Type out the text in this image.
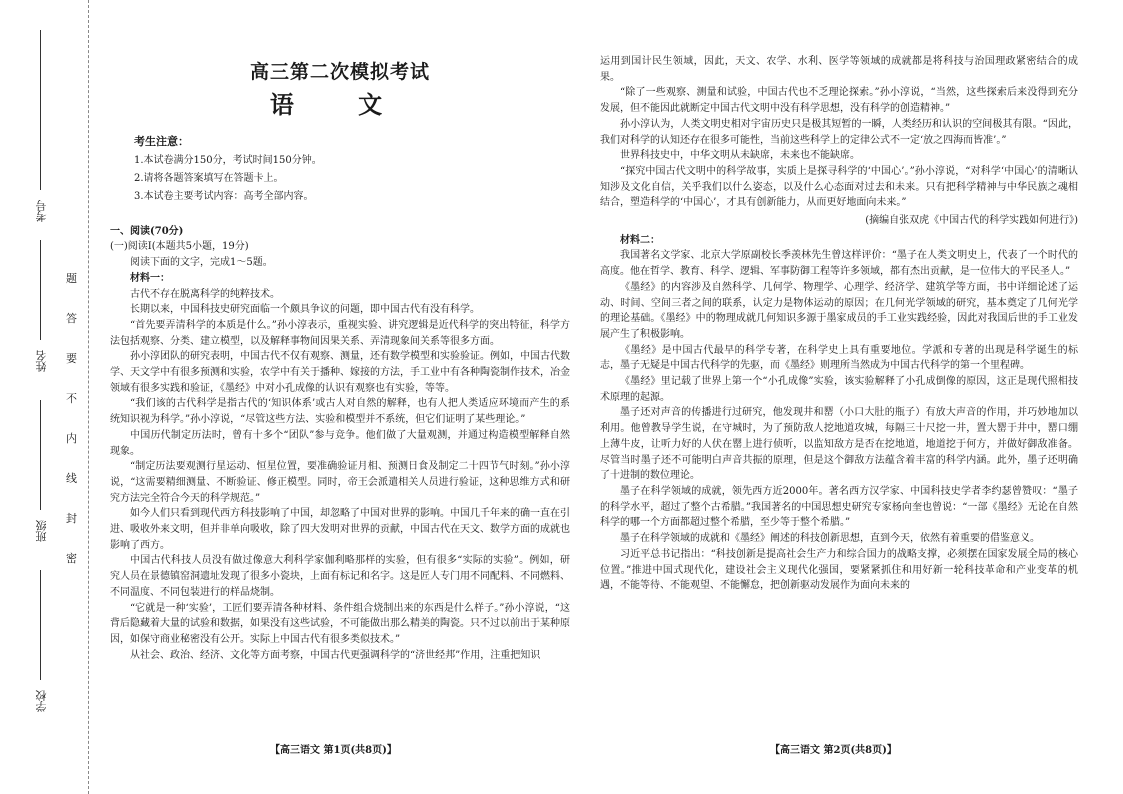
考号
姓名
班级
学校
题
答
要
不
内
线
封
密
高三第二次模拟考试
语 文
考生注意：

1.本试卷满分150分，考试时间150分钟。

2.请将各题答案填写在答题卡上。

3.本试卷主要考试内容：高考全部内容。

一、阅读(70分)

(一)阅读Ⅰ(本题共5小题，19分)

阅读下面的文字，完成1～5题。

材料一：

古代不存在脱离科学的纯粹技术。

长期以来，中国科技史研究面临一个颇具争议的问题，即中国古代有没有科学。

“首先要弄清科学的本质是什么。”孙小淳表示，重视实验、讲究逻辑是近代科学的突出特征，科学方法包括观察、分类、建立模型，以及解释事物间因果关系、弄清现象间关系等很多方面。

孙小淳团队的研究表明，中国古代不仅有观察、测量，还有数学模型和实验验证。例如，中国古代数学、天文学中有很多预测和实验，农学中有关于播种、嫁接的方法，手工业中有各种陶瓷制作技术，冶金领域有很多实践和验证，《墨经》中对小孔成像的认识有观察也有实验，等等。

“我们该的古代科学是指古代的‘知识体系’或古人对自然的解释，也有人把人类适应环境而产生的系统知识视为科学。”孙小淳说，“尽管这些方法、实验和模型并不系统，但它们证明了某些理论。”

中国历代制定历法时，曾有十多个“团队”参与竞争。他们做了大量观测，并通过构造模型解释自然现象。

“制定历法要观测行星运动、恒星位置，要准确验证月相、预测日食及制定二十四节气时刻。”孙小淳说，“这需要精细测量、不断验证、修正模型。同时，帝王会派遣相关人员进行验证，这种思维方式和研究方法完全符合今天的科学规范。”

如今人们只看到现代西方科技影响了中国，却忽略了中国对世界的影响。中国几千年来的确一直在引进、吸收外来文明，但并非单向吸收，除了四大发明对世界的贡献，中国古代在天文、数学方面的成就也影响了西方。

中国古代科技人员没有做过像意大利科学家伽利略那样的实验，但有很多“实际的实验”。例如，研究人员在景德镇窑洞遗址发现了很多小瓷块，上面有标记和名字。这是匠人专门用不同配料、不同燃料、不同温度、不同包装进行的样品烧制。

“它就是一种‘实验’，工匠们要弄清各种材料、条件组合烧制出来的东西是什么样子。”孙小淳说，“这背后隐藏着大量的试验和数据，如果没有这些试验，不可能做出那么精美的陶瓷。只不过以前出于某种原因，如保守商业秘密没有公开。实际上中国古代有很多类似技术。”

从社会、政治、经济、文化等方面考察，中国古代更强调科学的“济世经邦”作用，注重把知识

【高三语文 第1页(共8页)】

运用到国计民生领域，因此，天文、农学、水利、医学等领域的成就都是将科技与治国理政紧密结合的成果。

“除了一些观察、测量和试验，中国古代也不乏理论探索。”孙小淳说，“当然，这些探索后来没得到充分发展，但不能因此就断定中国古代文明中没有科学思想，没有科学的创造精神。”

孙小淳认为，人类文明史相对宇宙历史只是极其短暂的一瞬，人类经历和认识的空间极其有限。“因此，我们对科学的认知还存在很多可能性，当前这些科学上的定律公式不一定‘放之四海而皆准’。”

世界科技史中，中华文明从未缺席，未来也不能缺席。

“探究中国古代文明中的科学故事，实质上是探寻科学的‘中国心’。”孙小淳说，“对科学‘中国心’的清晰认知涉及文化自信，关乎我们以什么姿态，以及什么心态面对过去和未来。只有把科学精神与中华民族之魂相结合，塑造科学的‘中国心’，才具有创新能力，从而更好地面向未来。”

(摘编自张双虎《中国古代的科学实践如何进行》)

材料二：

我国著名文学家、北京大学原副校长季羡林先生曾这样评价：“墨子在人类文明史上，代表了一个时代的高度。他在哲学、教育、科学、逻辑、军事防御工程等许多领域，都有杰出贡献，是一位伟大的平民圣人。”

《墨经》的内容涉及自然科学、几何学、物理学、心理学、经济学、建筑学等方面，书中详细论述了运动、时间、空间三者之间的联系，认定力是物体运动的原因；在几何光学领域的研究，基本奠定了几何光学的理论基础。《墨经》中的物理成就几何知识多源于墨家成员的手工业实践经验，因此对我国后世的手工业发展产生了积极影响。

《墨经》是中国古代最早的科学专著，在科学史上具有重要地位。学派和专著的出现是科学诞生的标志，墨子无疑是中国古代科学的先驱，而《墨经》则理所当然成为中国古代科学的第一个里程碑。

《墨经》里记载了世界上第一个“小孔成像”实验，该实验解释了小孔成倒像的原因，这正是现代照相技术原理的起源。

墨子还对声音的传播进行过研究，他发现井和罂（小口大肚的瓶子）有放大声音的作用，并巧妙地加以利用。他曾教导学生说，在守城时，为了预防敌人挖地道攻城，每隔三十尺挖一井，置大罂于井中，罂口绷上薄牛皮，让听力好的人伏在罂上进行侦听，以监知敌方是否在挖地道，地道挖于何方，并做好御敌准备。尽管当时墨子还不可能明白声音共振的原理，但是这个御敌方法蕴含着丰富的科学内涵。此外，墨子还明确了十进制的数位理论。

墨子在科学领域的成就，领先西方近2000年。著名西方汉学家、中国科技史学者李约瑟曾赞叹：“墨子的科学水平，超过了整个古希腊。”我国著名的中国思想史研究专家杨向奎也曾说：“一部《墨经》无论在自然科学的哪一个方面都超过整个希腊，至少等于整个希腊。”

墨子在科学领域的成就和《墨经》阐述的科技创新思想，直到今天，依然有着重要的借鉴意义。

习近平总书记指出：“科技创新是提高社会生产力和综合国力的战略支撑，必须摆在国家发展全局的核心位置。”推进中国式现代化，建设社会主义现代化强国，要紧紧抓住和用好新一轮科技革命和产业变革的机遇，不能等待、不能观望、不能懈怠，把创新驱动发展作为面向未来的

【高三语文 第2页(共8页)】
